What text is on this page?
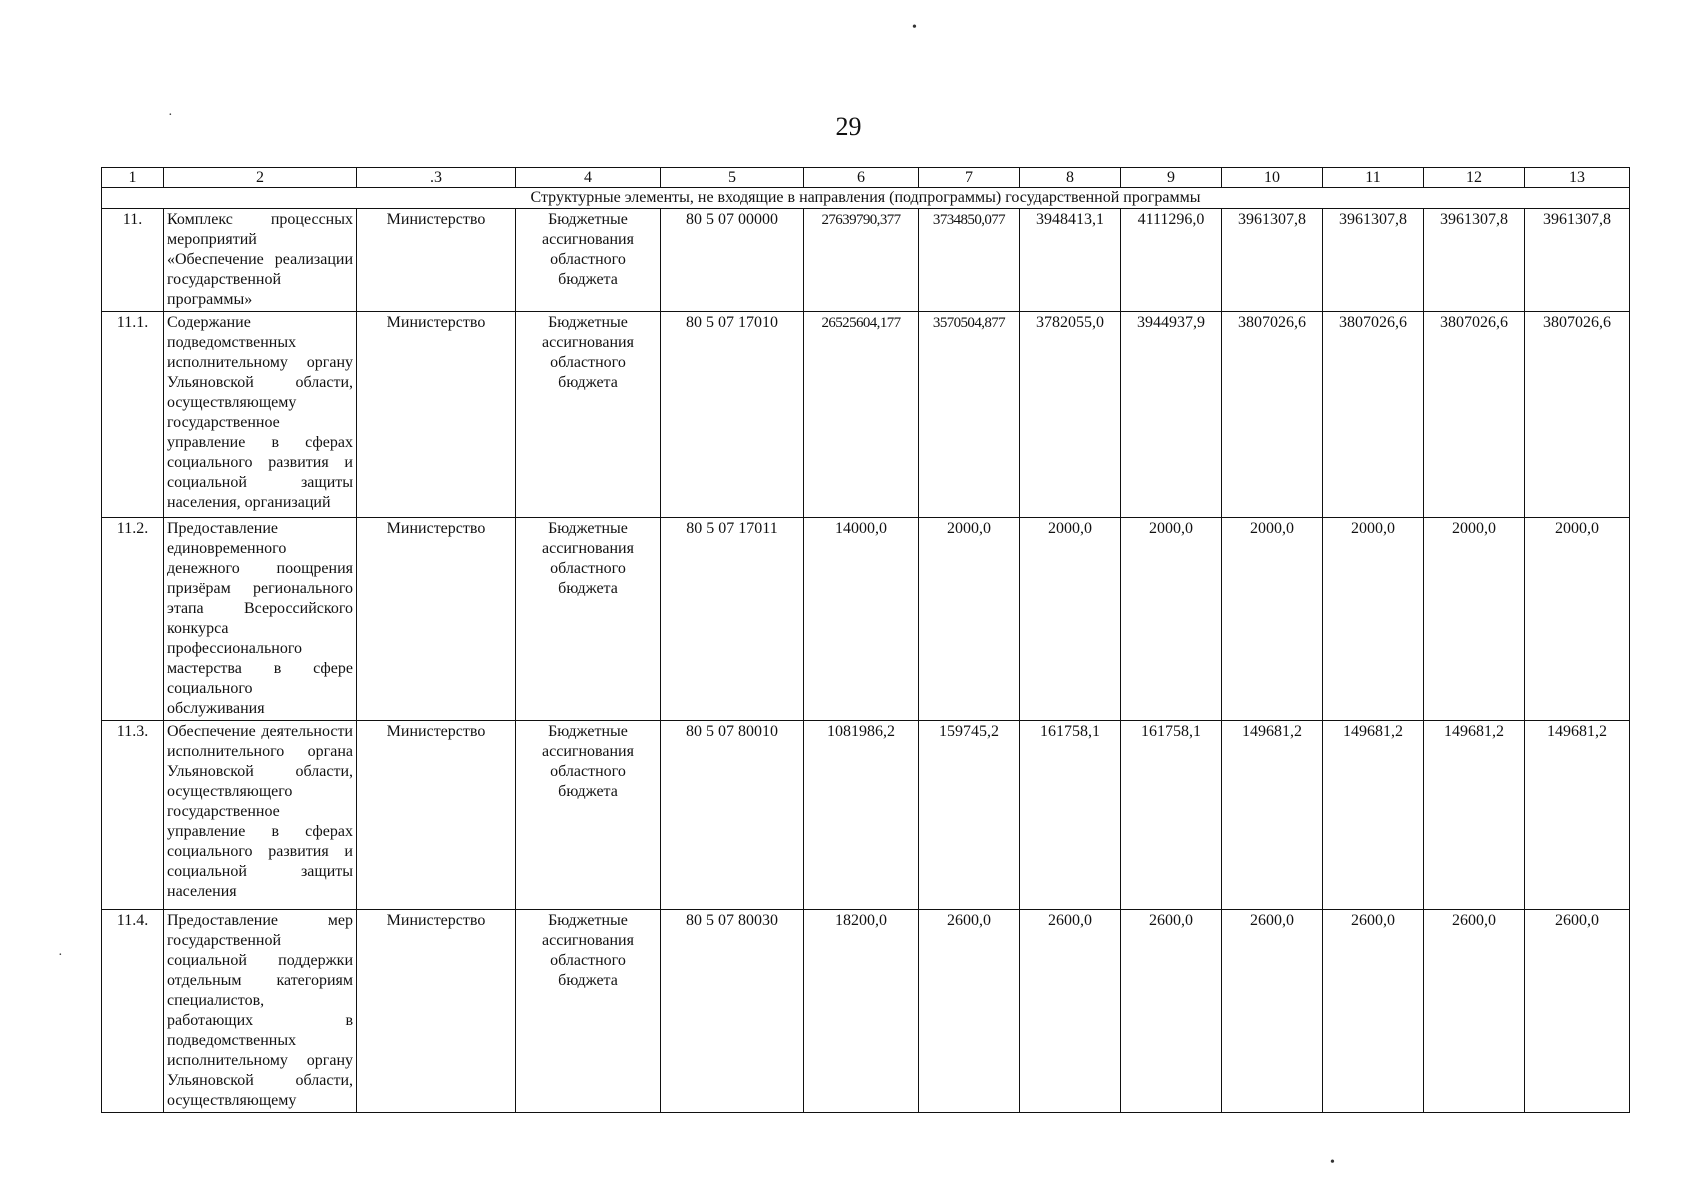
29
•
·
·
•
1	2	.3	4	5	6	7	8	9	10	11	12	13
Структурные элементы, не входящие в направления (подпрограммы) государственной программы												
11.	Комплекс процессных мероприятий «Обеспечение реализации государственной программы»	Министерство	Бюджетные ассигнования областного бюджета	80 5 07 00000	27639790,377	3734850,077	3948413,1	4111296,0	3961307,8	3961307,8	3961307,8	3961307,8
11.1.	Содержание подведомственных исполнительному органу Ульяновской области, осуществляющему государственное управление в сферах социального развития и социальной защиты населения, организаций	Министерство	Бюджетные ассигнования областного бюджета	80 5 07 17010	26525604,177	3570504,877	3782055,0	3944937,9	3807026,6	3807026,6	3807026,6	3807026,6
11.2.	Предоставление единовременного денежного поощрения призёрам регионального этапа Всероссийского конкурса профессионального мастерства в сфере социального обслуживания	Министерство	Бюджетные ассигнования областного бюджета	80 5 07 17011	14000,0	2000,0	2000,0	2000,0	2000,0	2000,0	2000,0	2000,0
11.3.	Обеспечение деятельности исполнительного органа Ульяновской области, осуществляющего государственное управление в сферах социального развития и социальной защиты населения	Министерство	Бюджетные ассигнования областного бюджета	80 5 07 80010	1081986,2	159745,2	161758,1	161758,1	149681,2	149681,2	149681,2	149681,2
11.4.	Предоставление мер государственной социальной поддержки отдельным категориям специалистов, работающих в подведомственных исполнительному органу Ульяновской области, осуществляющему	Министерство	Бюджетные ассигнования областного бюджета	80 5 07 80030	18200,0	2600,0	2600,0	2600,0	2600,0	2600,0	2600,0	2600,0
